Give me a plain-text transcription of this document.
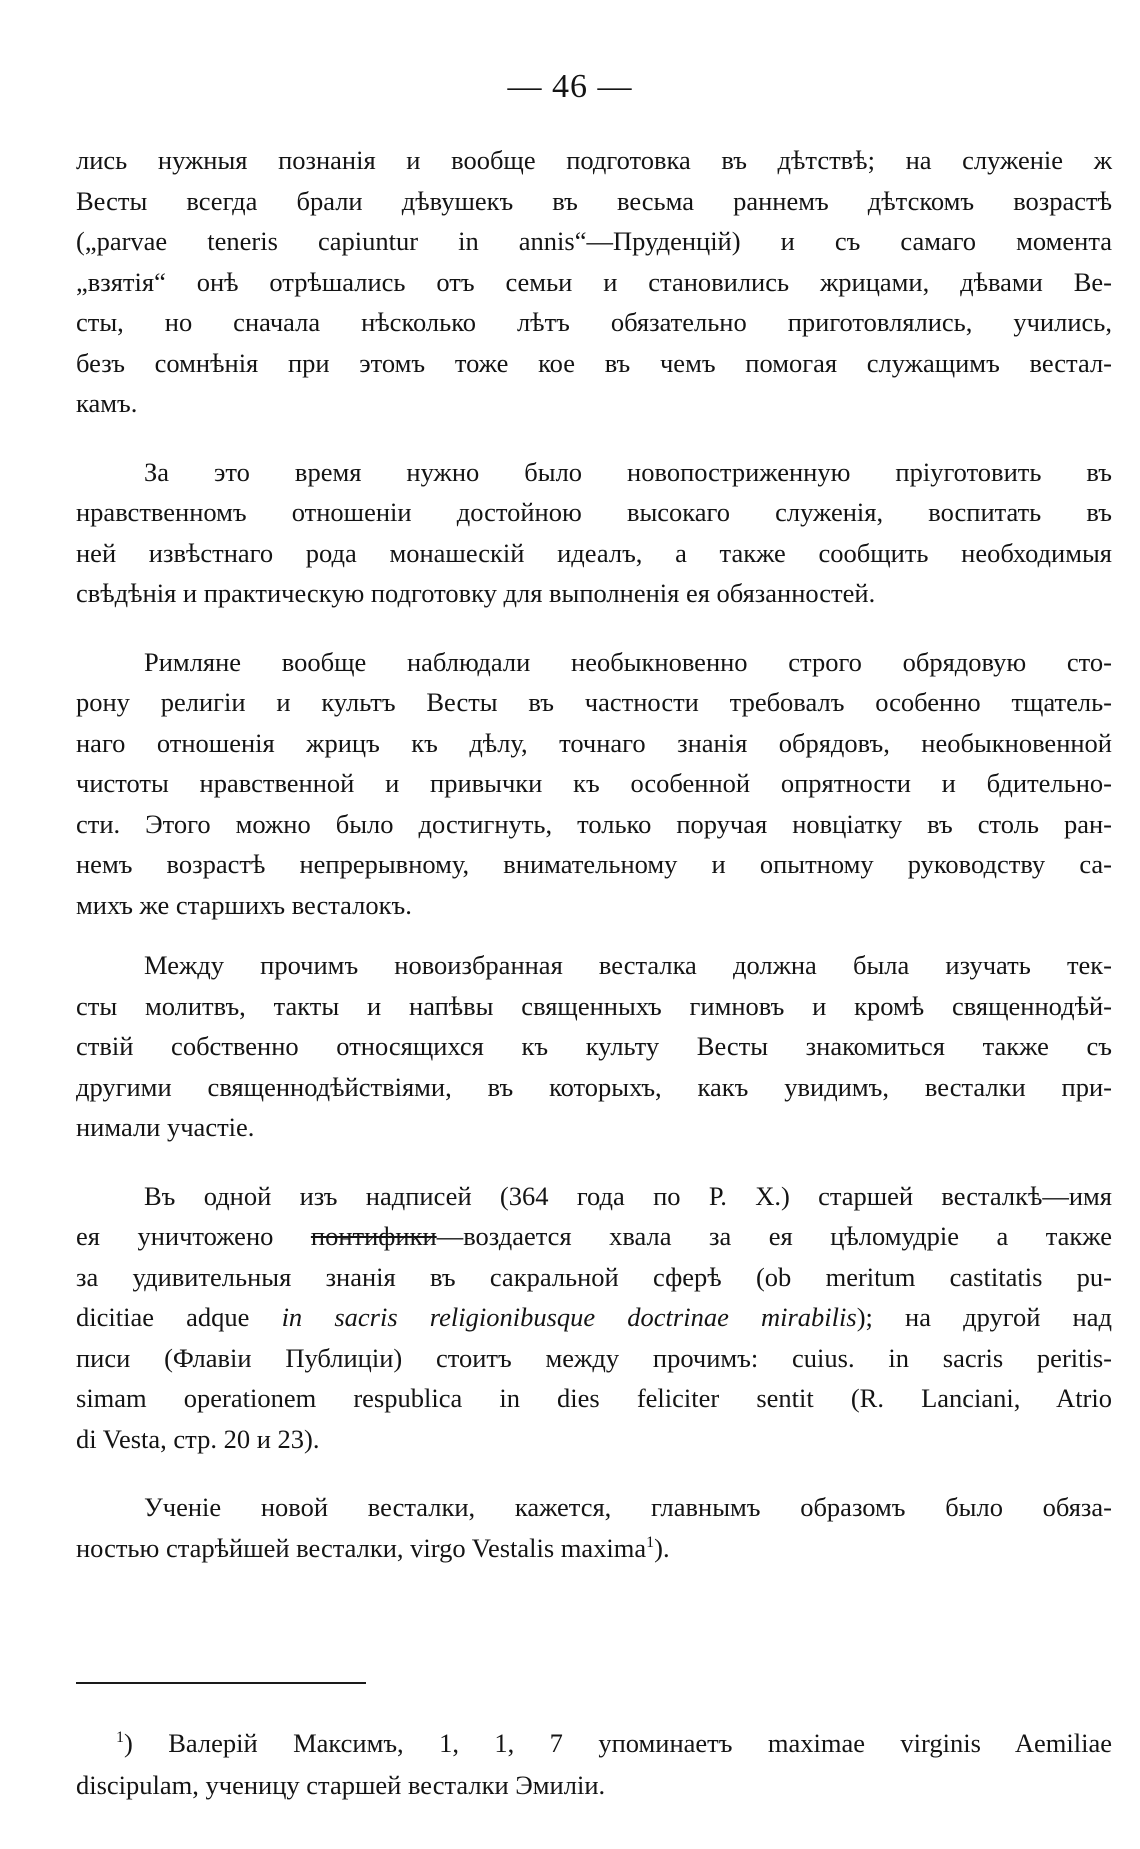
— 46 —
лись нужныя познанія и вообще подготовка въ дѣтствѣ; на служеніе ж
Весты всегда брали дѣвушекъ въ весьма раннемъ дѣтскомъ возрастѣ
(„parvae teneris capiuntur in annis“—Пруденцій) и съ самаго момента
„взятія“ онѣ отрѣшались отъ семьи и становились жрицами, дѣвами Ве-
сты, но сначала нѣсколько лѣтъ обязательно приготовлялись, учились,
безъ сомнѣнія при этомъ тоже кое въ чемъ помогая служащимъ вестал-
камъ.
За это время нужно было новопостриженную пріуготовить въ
нравственномъ отношеніи достойною высокаго служенія, воспитать въ
ней извѣстнаго рода монашескій идеалъ, а также сообщить необходимыя
свѣдѣнія и практическую подготовку для выполненія ея обязанностей.
Римляне вообще наблюдали необыкновенно строго обрядовую сто-
рону религіи и культъ Весты въ частности требовалъ особенно тщатель-
наго отношенія жрицъ къ дѣлу, точнаго знанія обрядовъ, необыкновенной
чистоты нравственной и привычки къ особенной опрятности и бдительно-
сти. Этого можно было достигнуть, только поручая новціатку въ столь ран-
немъ возрастѣ непрерывному, внимательному и опытному руководству са-
михъ же старшихъ весталокъ.
Между прочимъ новоизбранная весталка должна была изучать тек-
сты молитвъ, такты и напѣвы священныхъ гимновъ и кромѣ священнодѣй-
ствій собственно относящихся къ культу Весты знакомиться также съ
другими священнодѣйствіями, въ которыхъ, какъ увидимъ, весталки при-
нимали участіе.
Въ одной изъ надписей (364 года по Р. Х.) старшей весталкѣ—имя
ея уничтожено понтифики—воздается хвала за ея цѣломудріе а также
за удивительныя знанія въ сакральной сферѣ (ob meritum castitatis pu-
dicitiae adque in sacris religionibusque doctrinae mirabilis); на другой над
писи (Флавіи Публиціи) стоитъ между прочимъ: cuius. in sacris peritis-
simam operationem respublica in dies feliciter sentit (R. Lanciani, Atrio
di Vesta, стр. 20 и 23).
Ученіе новой весталки, кажется, главнымъ образомъ было обяза-
ностью старѣйшей весталки, virgo Vestalis maxima$^1$).
$^1$) Валерій Максимъ, 1, 1, 7 упоминаетъ maximae virginis Aemiliae
discipulam, ученицу старшей весталки Эмиліи.
